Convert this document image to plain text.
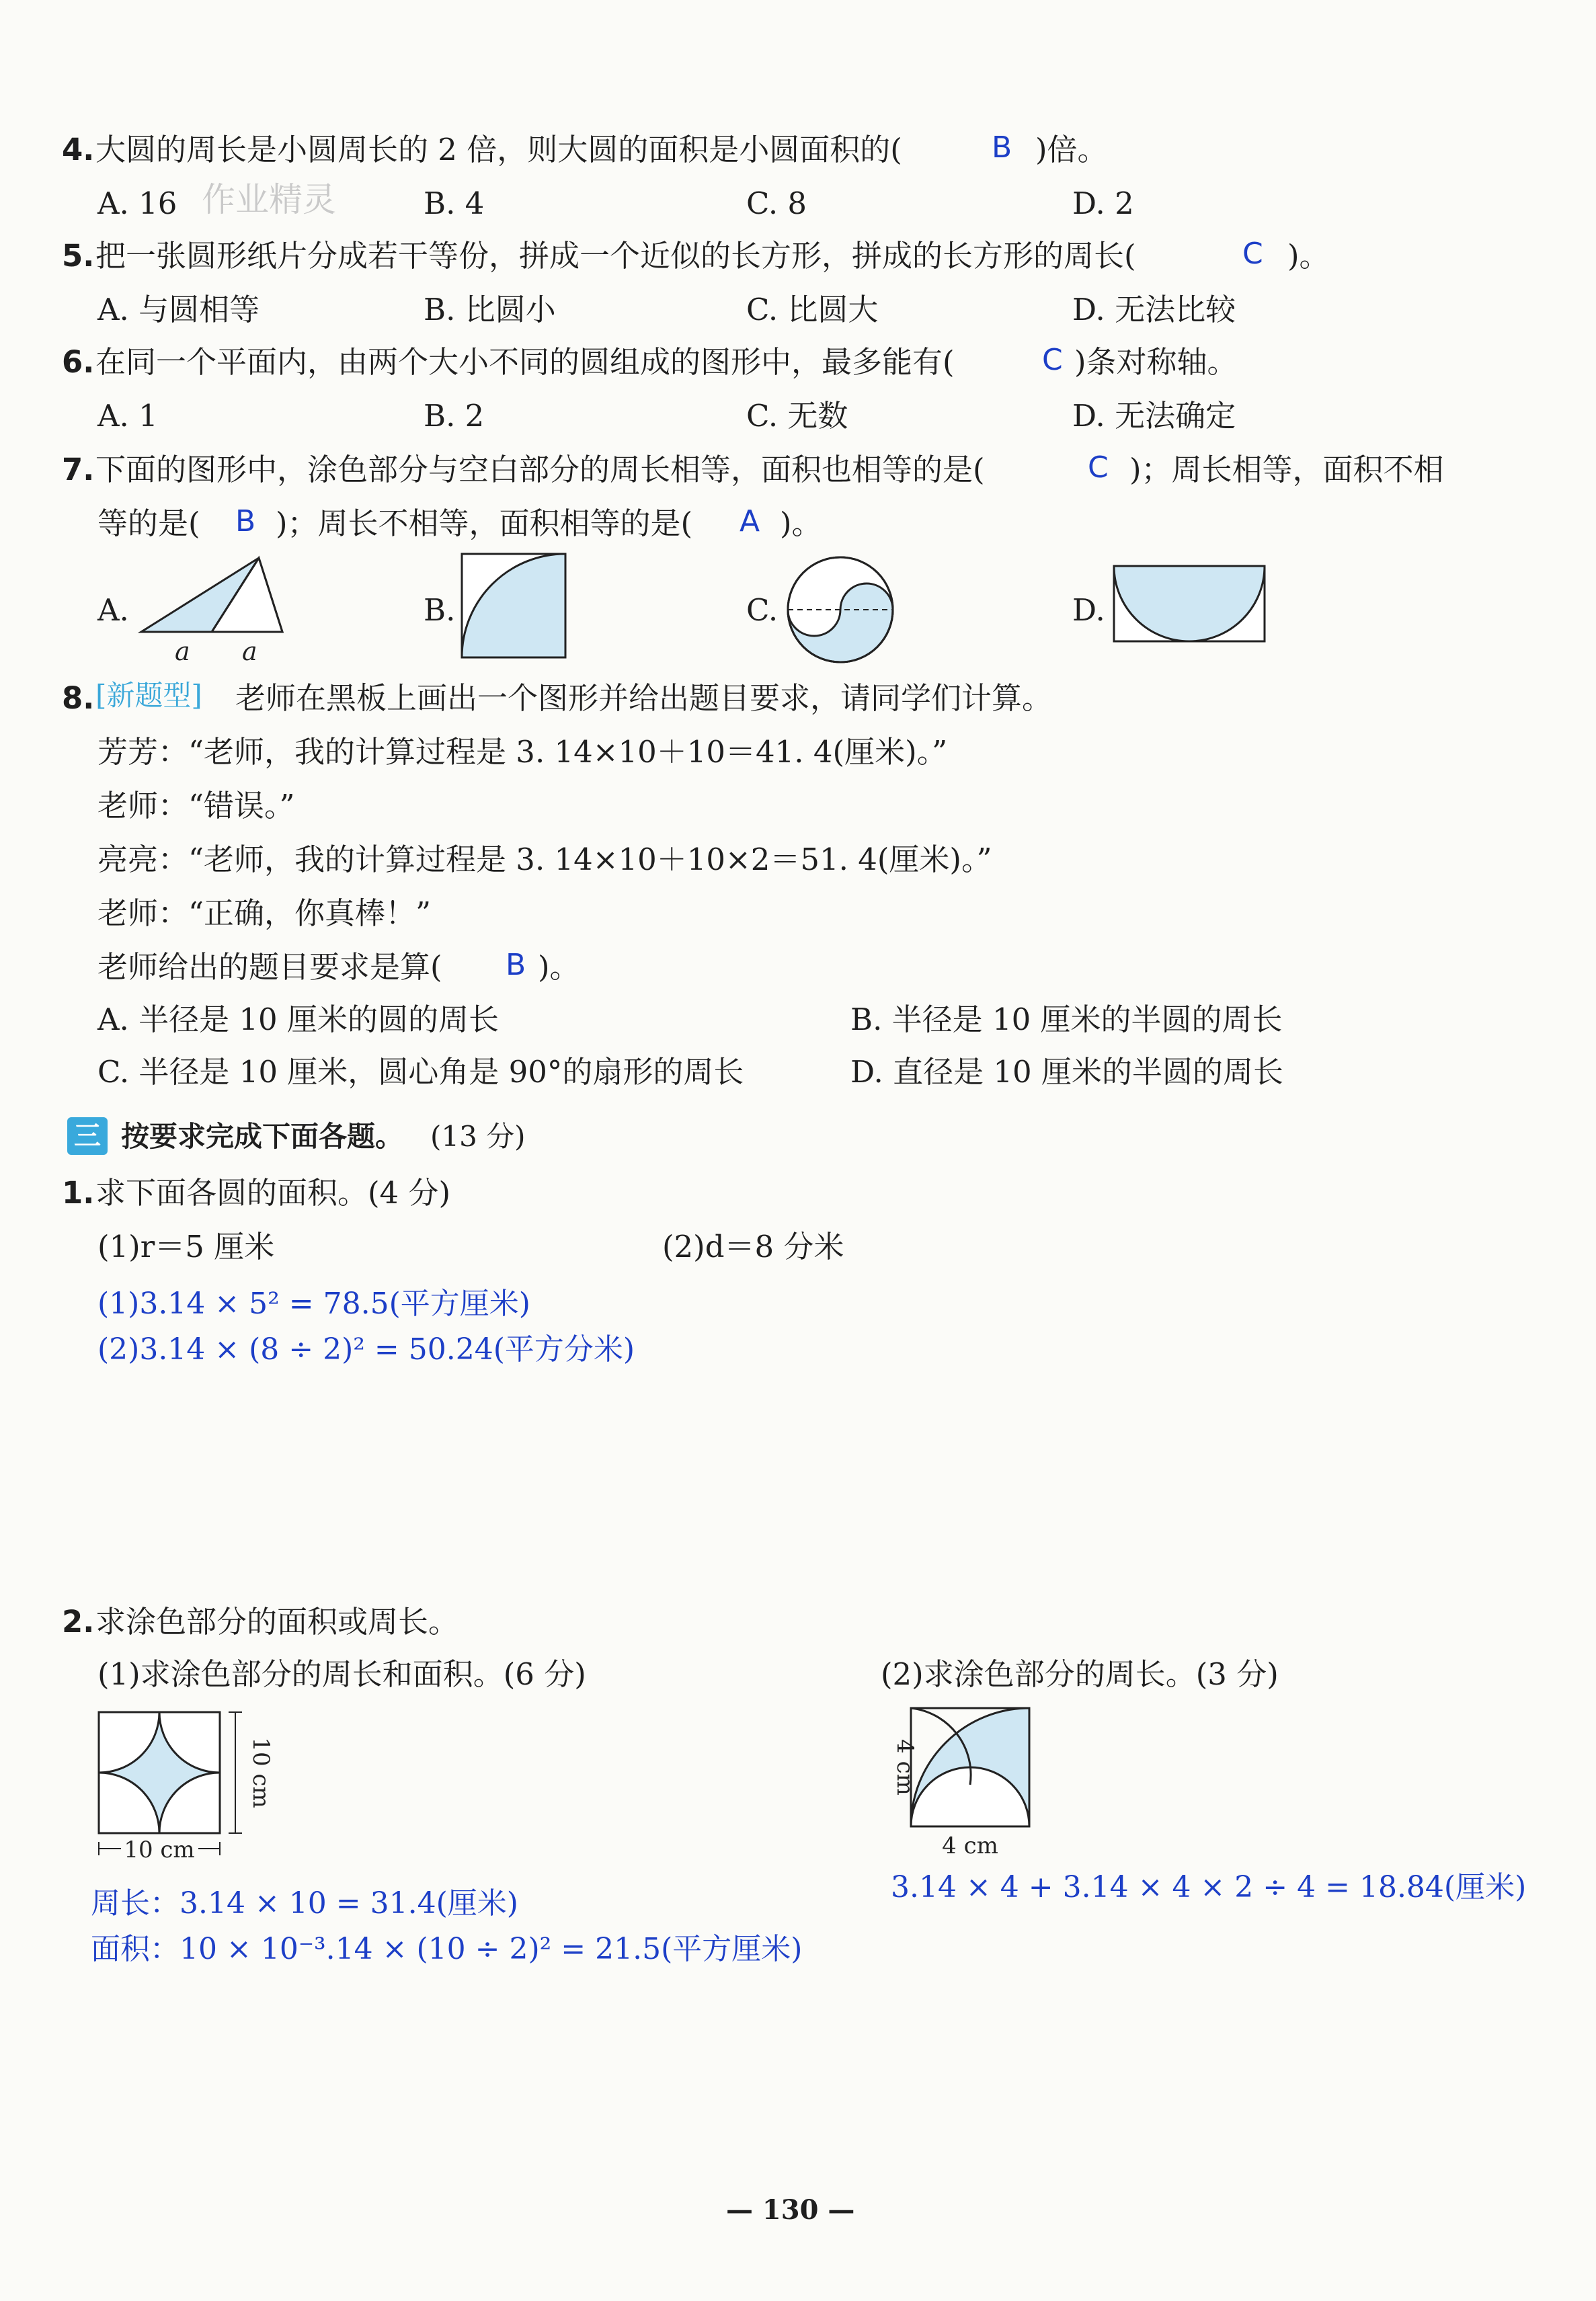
4. 大圆的周长是小圆周长的 2 倍，则大圆的面积是小圆面积的(	B )倍。
A. 16 作业精灵	B. 4	C. 8	D. 2
5. 把一张圆形纸片分成若干等份，拼成一个近似的长方形，拼成的长方形的周长(	C )。
A. 与圆相等	B. 比圆小	C. 比圆大	D. 无法比较
6. 在同一个平面内，由两个大小不同的圆组成的图形中，最多能有(	C )条对称轴。
A. 1	B. 2	C. 无数	D. 无法确定
7. 下面的图形中，涂色部分与空白部分的周长相等，面积也相等的是(	C )；周长相等，面积不相
等的是( B )；周长不相等，面积相等的是( A )。
A.
a a
B.	C.	D.
8. [新题型] 老师在黑板上画出一个图形并给出题目要求，请同学们计算。
芳芳：“老师，我的计算过程是 3. 14×10＋10＝41. 4(厘米)。”
老师：“错误。”
亮亮：“老师，我的计算过程是 3. 14×10＋10×2＝51. 4(厘米)。”
老师：“正确，你真棒！”
老师给出的题目要求是算( B )。
A. 半径是 10 厘米的圆的周长	B. 半径是 10 厘米的半圆的周长
C. 半径是 10 厘米，圆心角是 90°的扇形的周长	D. 直径是 10 厘米的半圆的周长
三 按要求完成下面各题。 (13 分)
1. 求下面各圆的面积。(4 分)
(1)r＝5 厘米	(2)d＝8 分米
(1)3.14 × 5² = 78.5(平方厘米)
(2)3.14 × (8 ÷ 2)² = 50.24(平方分米)
2. 求涂色部分的面积或周长。
(1)求涂色部分的周长和面积。(6 分)	(2)求涂色部分的周长。(3 分)
10 cm
10 cm
周长：3.14 × 10 = 31.4(厘米)
面积：10 × 10⁻³.14 × (10 ÷ 2)² = 21.5(平方厘米)
4 cm
4 cm
3.14 × 4 + 3.14 × 4 × 2 ÷ 4 = 18.84(厘米)
— 130 —
